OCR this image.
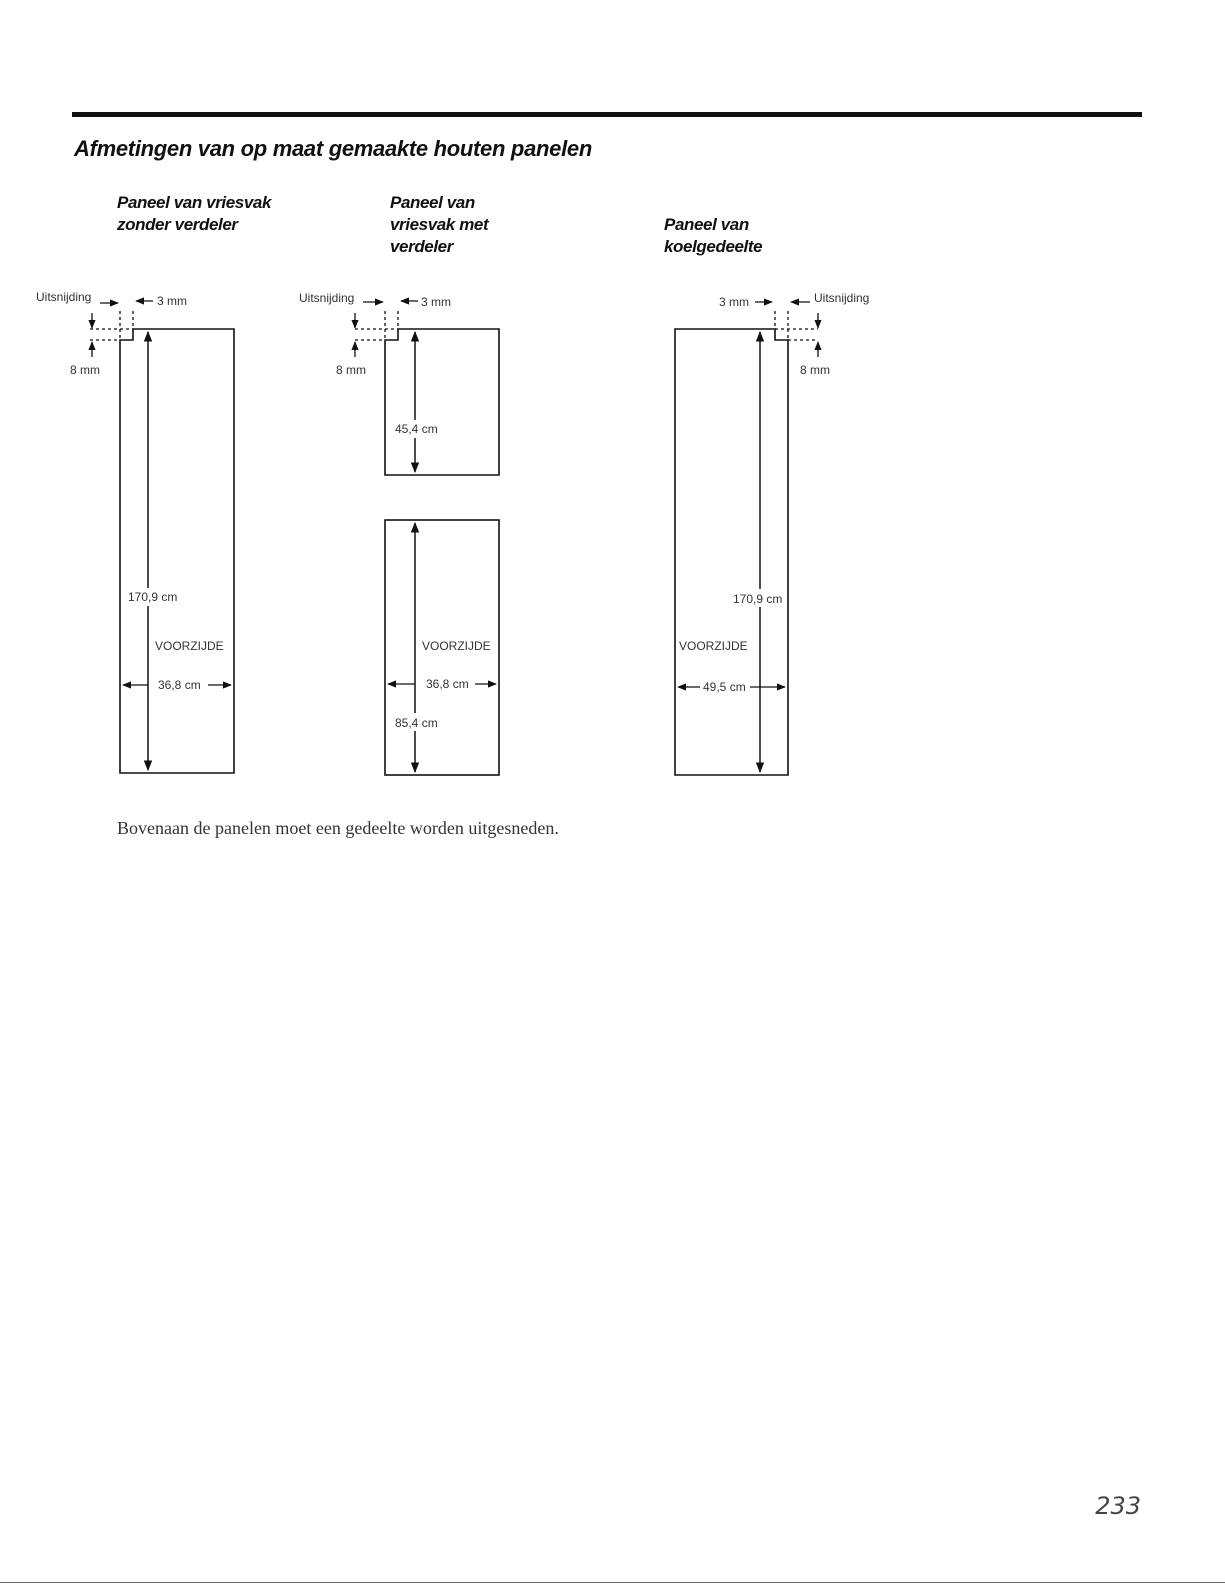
Afmetingen van op maat gemaakte houten panelen
Paneel van vriesvak
zonder verdeler
Paneel van
vriesvak met
verdeler
Paneel van
koelgedeelte
Uitsnijding	3 mm
8 mm
170,9 cm
VOORZIJDE
36,8 cm
Uitsnijding	3 mm
8 mm
45,4 cm
VOORZIJDE
36,8 cm
85,4 cm
3 mm	Uitsnijding
8 mm
170,9 cm
VOORZIJDE
49,5 cm
Bovenaan de panelen moet een gedeelte worden uitgesneden.
233
